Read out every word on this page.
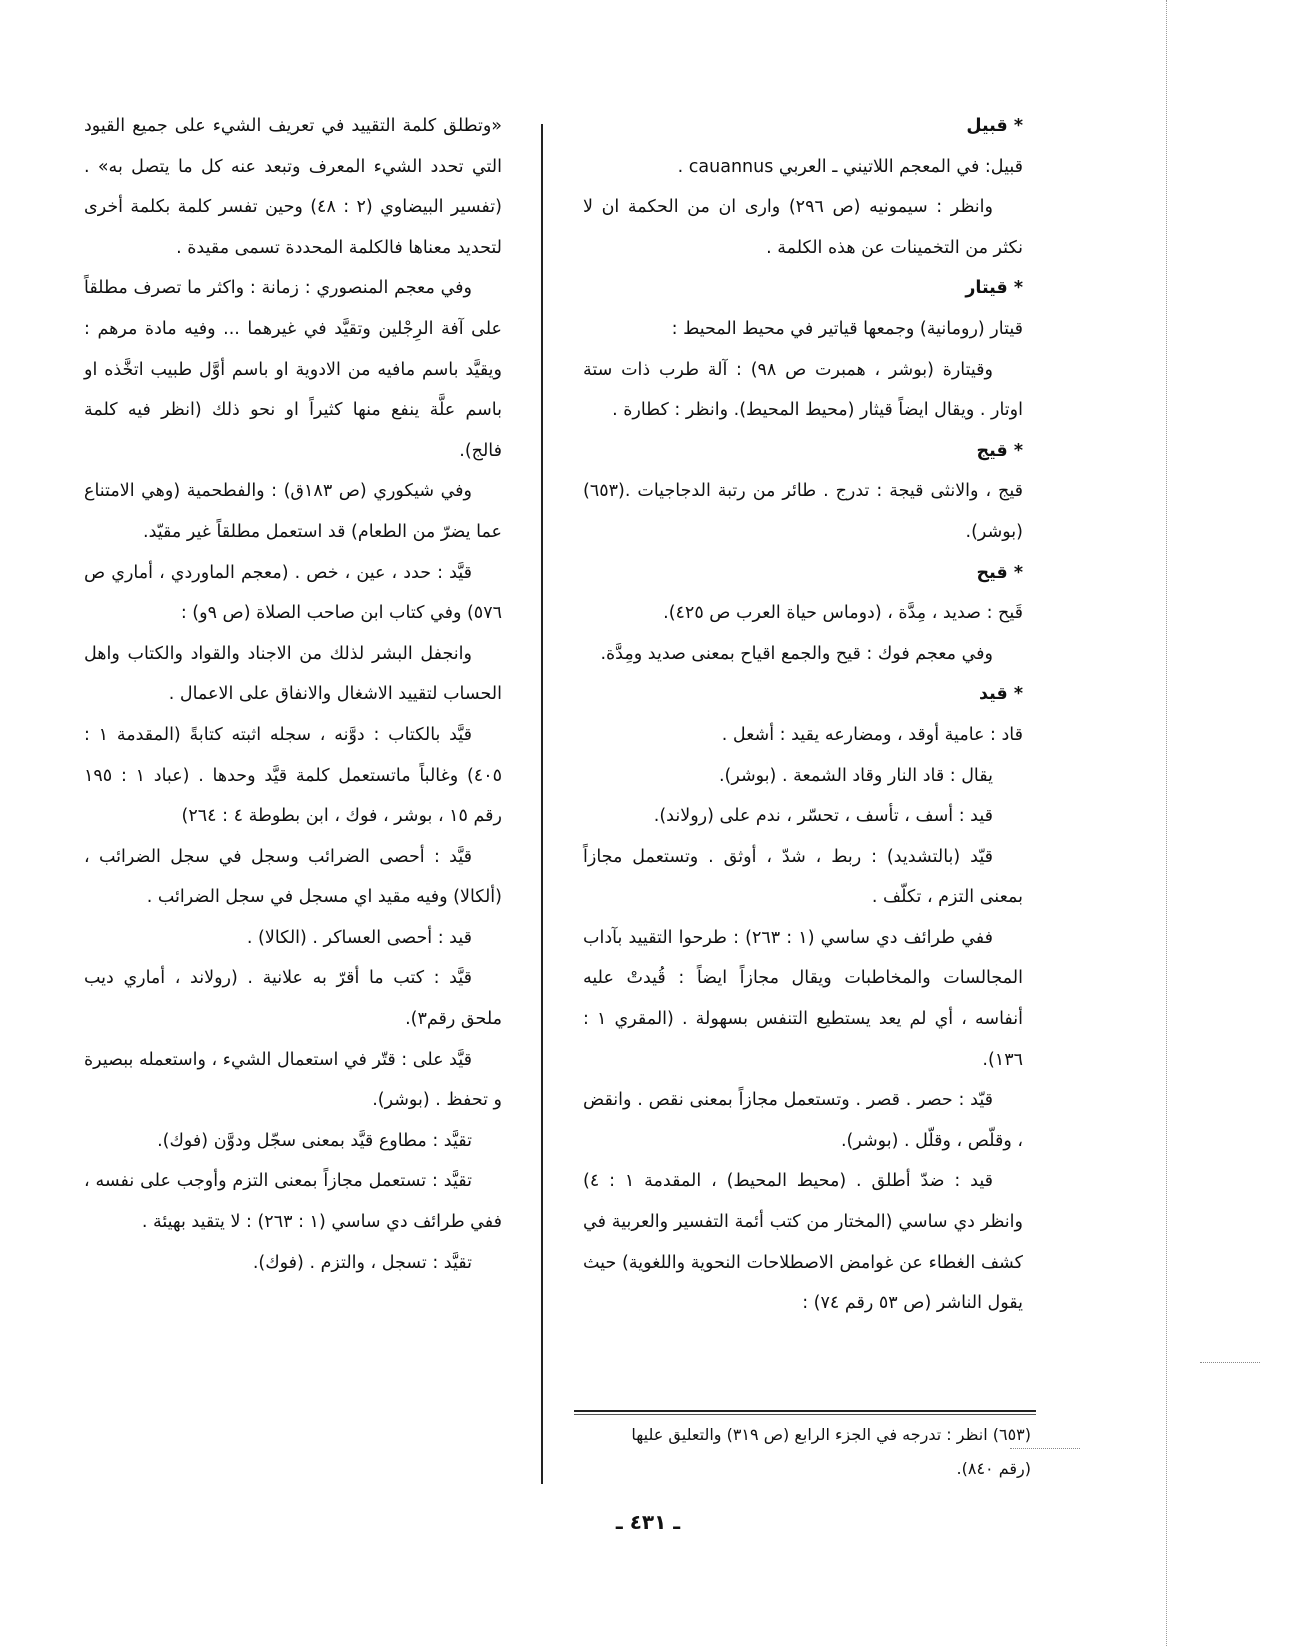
* قبيل

قبيل: في المعجم اللاتيني ـ العربي cauannus .

وانظر : سيمونيه (ص ٢٩٦) وارى ان من الحكمة ان لا نكثر من التخمينات عن هذه الكلمة .

* قيتار

قيتار (رومانية) وجمعها قياتير في محيط المحيط :

وقيتارة (بوشر ، همبرت ص ٩٨) : آلة طرب ذات ستة اوتار . ويقال ايضاً قيثار (محيط المحيط). وانظر : كطارة .

* قيج

قيج ، والانثى قيجة : تدرج . طائر من رتبة الدجاجيات .(٦٥٣) (بوشر).

* قيح

قَيح : صديد ، مِدَّة ، (دوماس حياة العرب ص ٤٢٥).

وفي معجم فوك : قيح والجمع اقياح بمعنى صديد ومِدَّة.

* قيد

قاد : عامية أوقد ، ومضارعه يقيد : أشعل .

يقال : قاد النار وقاد الشمعة . (بوشر).

قيد : أسف ، تأسف ، تحسّر ، ندم على (رولاند).

قيّد (بالتشديد) : ربط ، شدّ ، أوثق . وتستعمل مجازاً بمعنى التزم ، تكلّف .

ففي طرائف دي ساسي (١ : ٢٦٣) : طرحوا التقييد بآداب المجالسات والمخاطبات ويقال مجازاً ايضاً : قُيدتْ عليه أنفاسه ، أي لم يعد يستطيع التنفس بسهولة . (المقري ١ : ١٣٦).

قيّد : حصر . قصر . وتستعمل مجازاً بمعنى نقص . وانقض ، وقلّص ، وقلّل . (بوشر).

قيد : ضدّ أطلق . (محيط المحيط) ، المقدمة ١ : ٤) وانظر دي ساسي (المختار من كتب أئمة التفسير والعربية في كشف الغطاء عن غوامض الاصطلاحات النحوية واللغوية) حيث يقول الناشر (ص ٥٣ رقم ٧٤) :

«وتطلق كلمة التقييد في تعريف الشيء على جميع القيود التي تحدد الشيء المعرف وتبعد عنه كل ما يتصل به» . (تفسير البيضاوي (٢ : ٤٨) وحين تفسر كلمة بكلمة أخرى لتحديد معناها فالكلمة المحددة تسمى مقيدة .

وفي معجم المنصوري : زمانة : واكثر ما تصرف مطلقاً على آفة الرِجْلين وتقيَّد في غيرهما ... وفيه مادة مرهم : ويقيَّد باسم مافيه من الادوية او باسم أوَّل طبيب اتخَّذه او باسم علَّة ينفع منها كثيراً او نحو ذلك (انظر فيه كلمة فالج).

وفي شيكوري (ص ١٨٣ق) : والفطحمية (وهي الامتناع عما يضرّ من الطعام) قد استعمل مطلقاً غير مقيّد.

قيَّد : حدد ، عين ، خص . (معجم الماوردي ، أماري ص ٥٧٦) وفي كتاب ابن صاحب الصلاة (ص ٩و) :

وانجفل البشر لذلك من الاجناد والقواد والكتاب واهل الحساب لتقييد الاشغال والانفاق على الاعمال .

قيَّد بالكتاب : دوَّنه ، سجله اثبته كتابةً (المقدمة ١ : ٤٠٥) وغالباً ماتستعمل كلمة قيَّد وحدها . (عباد ١ : ١٩٥ رقم ١٥ ، بوشر ، فوك ، ابن بطوطة ٤ : ٢٦٤)

قيَّد : أحصى الضرائب وسجل في سجل الضرائب ، (ألكالا) وفيه مقيد اي مسجل في سجل الضرائب .

قيد : أحصى العساكر . (الكالا) .

قيَّد : كتب ما أقرّ به علانية . (رولاند ، أماري ديب ملحق رقم٣).

قيَّد على : قتّر في استعمال الشيء ، واستعمله ببصيرة و تحفظ . (بوشر).

تقيَّد : مطاوع قيَّد بمعنى سجّل ودوَّن (فوك).

تقيَّد : تستعمل مجازاً بمعنى التزم وأوجب على نفسه ، ففي طرائف دي ساسي (١ : ٢٦٣) : لا يتقيد بهيئة .

تقيَّد : تسجل ، والتزم . (فوك).

(٦٥٣) انظر : تدرجه في الجزء الرابع (ص ٣١٩) والتعليق عليها (رقم ٨٤٠).

ـ ٤٣١ ـ
